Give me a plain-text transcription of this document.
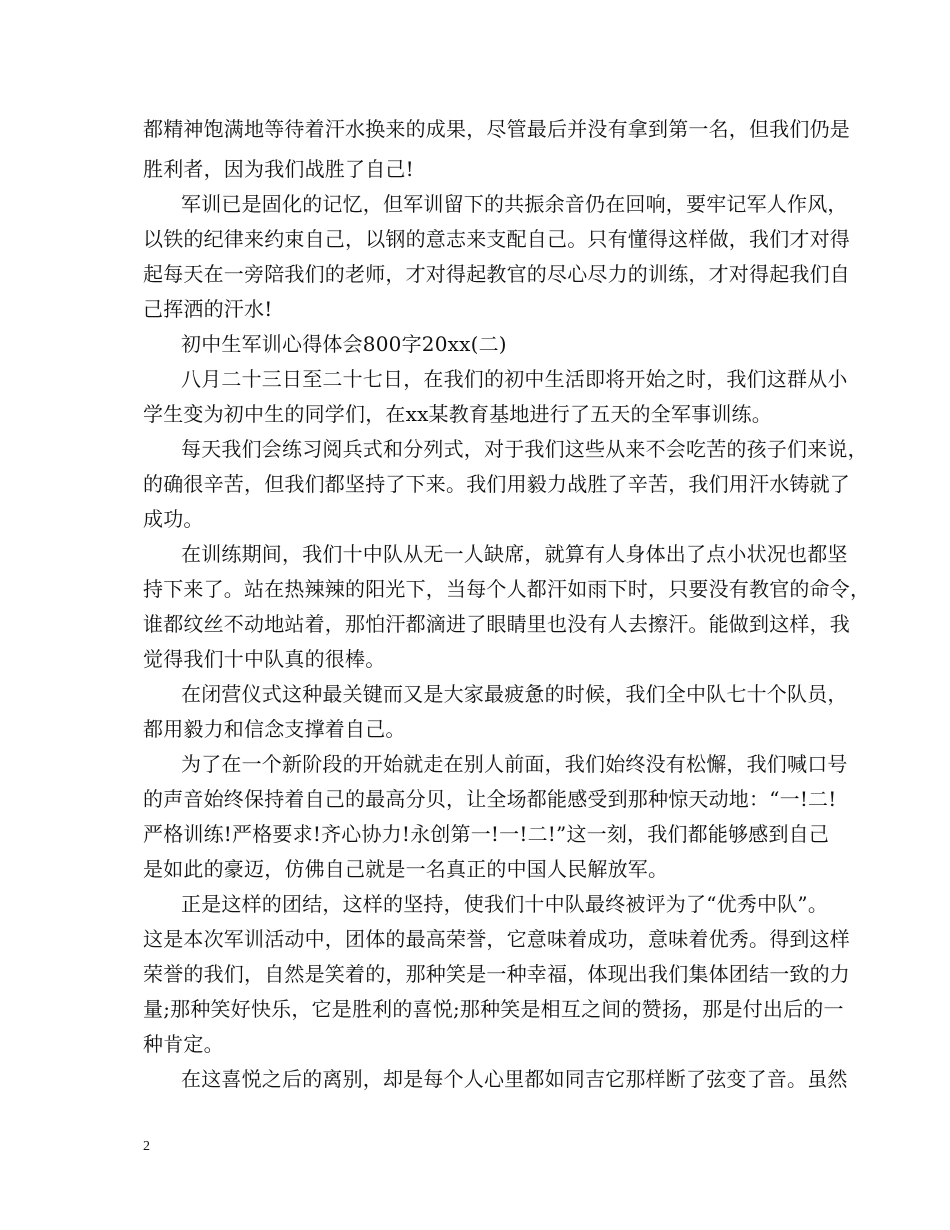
都精神饱满地等待着汗水换来的成果，尽管最后并没有拿到第一名，但我们仍是
胜利者，因为我们战胜了自己!
军训已是固化的记忆，但军训留下的共振余音仍在回响，要牢记军人作风，
以铁的纪律来约束自己，以钢的意志来支配自己。只有懂得这样做，我们才对得
起每天在一旁陪我们的老师，才对得起教官的尽心尽力的训练，才对得起我们自
己挥洒的汗水!
初中生军训心得体会800字20xx(二)
八月二十三日至二十七日，在我们的初中生活即将开始之时，我们这群从小
学生变为初中生的同学们，在xx某教育基地进行了五天的全军事训练。
每天我们会练习阅兵式和分列式，对于我们这些从来不会吃苦的孩子们来说，
的确很辛苦，但我们都坚持了下来。我们用毅力战胜了辛苦，我们用汗水铸就了
成功。
在训练期间，我们十中队从无一人缺席，就算有人身体出了点小状况也都坚
持下来了。站在热辣辣的阳光下，当每个人都汗如雨下时，只要没有教官的命令，
谁都纹丝不动地站着，那怕汗都滴进了眼睛里也没有人去擦汗。能做到这样，我
觉得我们十中队真的很棒。
在闭营仪式这种最关键而又是大家最疲惫的时候，我们全中队七十个队员，
都用毅力和信念支撑着自己。
为了在一个新阶段的开始就走在别人前面，我们始终没有松懈，我们喊口号
的声音始终保持着自己的最高分贝，让全场都能感受到那种惊天动地：“一!二!
严格训练!严格要求!齐心协力!永创第一!一!二!”这一刻，我们都能够感到自己
是如此的豪迈，仿佛自己就是一名真正的中国人民解放军。
正是这样的团结，这样的坚持，使我们十中队最终被评为了“优秀中队”。
这是本次军训活动中，团体的最高荣誉，它意味着成功，意味着优秀。得到这样
荣誉的我们，自然是笑着的，那种笑是一种幸福，体现出我们集体团结一致的力
量;那种笑好快乐，它是胜利的喜悦;那种笑是相互之间的赞扬，那是付出后的一
种肯定。
在这喜悦之后的离别，却是每个人心里都如同吉它那样断了弦变了音。虽然
2
